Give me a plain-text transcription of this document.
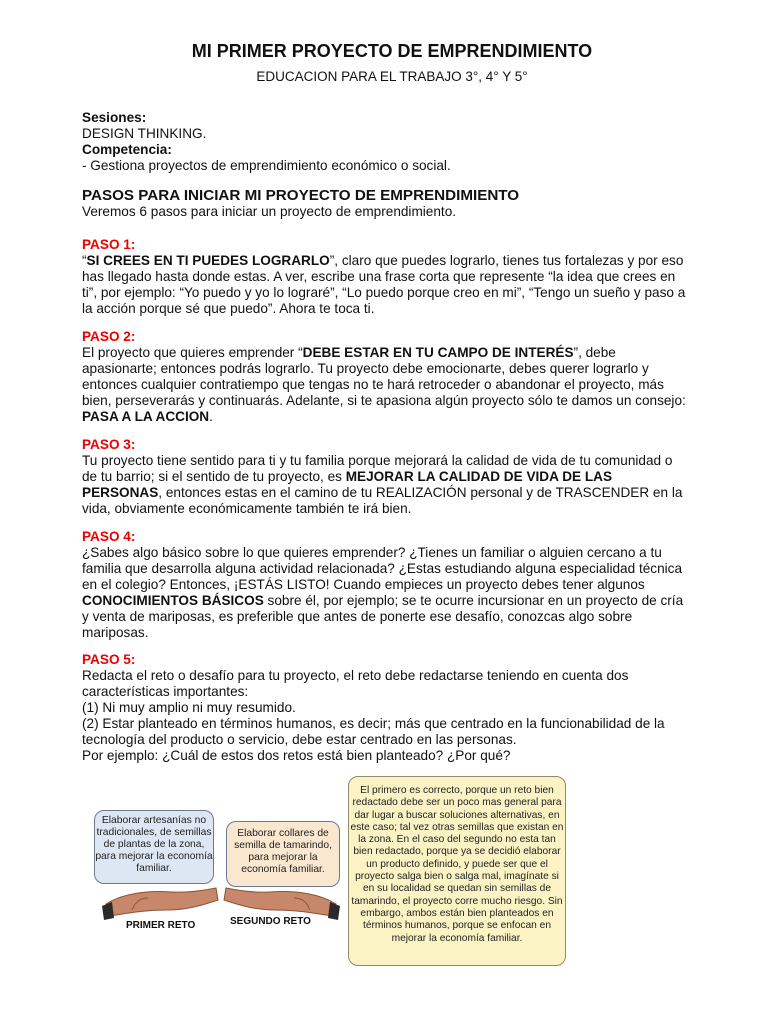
MI PRIMER PROYECTO DE EMPRENDIMIENTO
EDUCACION PARA EL TRABAJO 3°, 4° Y 5°

Sesiones:

DESIGN THINKING.

Competencia:

- Gestiona proyectos de emprendimiento económico o social.

PASOS PARA INICIAR MI PROYECTO DE EMPRENDIMIENTO

Veremos 6 pasos para iniciar un proyecto de emprendimiento.

PASO 1:

“SI CREES EN TI PUEDES LOGRARLO”, claro que puedes lograrlo, tienes tus fortalezas y por eso has llegado hasta donde estas. A ver, escribe una frase corta que represente “la idea que crees en ti”, por ejemplo: “Yo puedo y yo lo lograré”, “Lo puedo porque creo en mi”, “Tengo un sueño y paso a la acción porque sé que puedo”. Ahora te toca ti.

PASO 2:

El proyecto que quieres emprender “DEBE ESTAR EN TU CAMPO DE INTERÉS”, debe apasionarte; entonces podrás lograrlo. Tu proyecto debe emocionarte, debes querer lograrlo y entonces cualquier contratiempo que tengas no te hará retroceder o abandonar el proyecto, más bien, perseverarás y continuarás. Adelante, si te apasiona algún proyecto sólo te damos un consejo: PASA A LA ACCION.

PASO 3:

Tu proyecto tiene sentido para ti y tu familia porque mejorará la calidad de vida de tu comunidad o de tu barrio; si el sentido de tu proyecto, es MEJORAR LA CALIDAD DE VIDA DE LAS PERSONAS, entonces estas en el camino de tu REALIZACIÓN personal y de TRASCENDER en la vida, obviamente económicamente también te irá bien.

PASO 4:

¿Sabes algo básico sobre lo que quieres emprender? ¿Tienes un familiar o alguien cercano a tu familia que desarrolla alguna actividad relacionada? ¿Estas estudiando alguna especialidad técnica en el colegio? Entonces, ¡ESTÁS LISTO! Cuando empieces un proyecto debes tener algunos CONOCIMIENTOS BÁSICOS sobre él, por ejemplo; se te ocurre incursionar en un proyecto de cría y venta de mariposas, es preferible que antes de ponerte ese desafío, conozcas algo sobre mariposas.

PASO 5:

Redacta el reto o desafío para tu proyecto, el reto debe redactarse teniendo en cuenta dos características importantes:

(1) Ni muy amplio ni muy resumido.

(2) Estar planteado en términos humanos, es decir; más que centrado en la funcionabilidad de la tecnología del producto o servicio, debe estar centrado en las personas.

Por ejemplo: ¿Cuál de estos dos retos está bien planteado? ¿Por qué?

Elaborar artesanías no tradicionales, de semillas de plantas de la zona, para mejorar la economía familiar.
Elaborar collares de semilla de tamarindo, para mejorar la economía familiar.
El primero es correcto, porque un reto bien redactado debe ser un poco mas general para dar lugar a buscar soluciones alternativas, en este caso; tal vez otras semillas que existan en la zona. En el caso del segundo no esta tan bien redactado, porque ya se decidió elaborar un producto definido, y puede ser que el proyecto salga bien o salga mal, imagínate si en su localidad se quedan sin semillas de tamarindo, el proyecto corre mucho riesgo. Sin embargo, ambos están bien planteados en términos humanos, porque se enfocan en mejorar la economía familiar.
PRIMER RETO	SEGUNDO RETO
